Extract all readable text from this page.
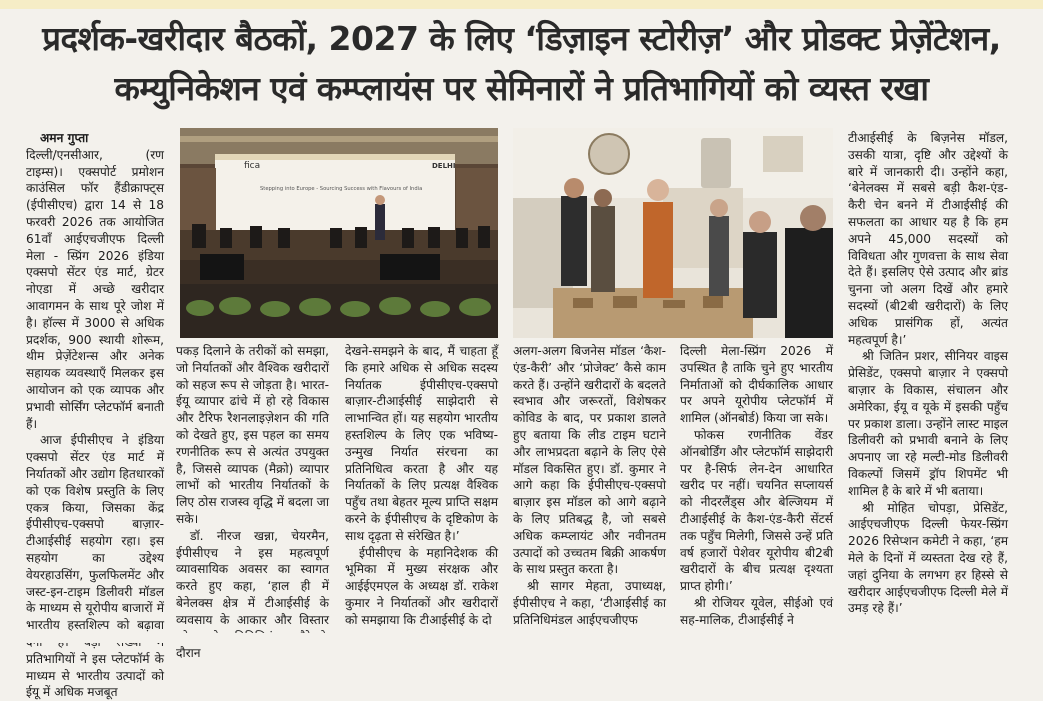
प्रदर्शक-खरीदार बैठकों, 2027 के लिए ‘डिज़ाइन स्टोरीज़’ और प्रोडक्ट प्रेज़ेंटेशन,
कम्युनिकेशन एवं कम्प्लायंस पर सेमिनारों ने प्रतिभागियों को व्यस्त रखा

अमन गुप्ता

दिल्ली/एनसीआर, (रण टाइम्स)। एक्सपोर्ट प्रमोशन काउंसिल फॉर हैंडीक्राफ्ट्स (ईपीसीएच) द्वारा 14 से 18 फरवरी 2026 तक आयोजित 61वाँ आईएचजीएफ दिल्ली मेला - स्प्रिंग 2026 इंडिया एक्सपो सेंटर एंड मार्ट, ग्रेटर नोएडा में अच्छे खरीदार आवागमन के साथ पूरे जोश में है। हॉल्स में 3000 से अधिक प्रदर्शक, 900 स्थायी शोरूम, थीम प्रेज़ेंटेशन्स और अनेक सहायक व्यवस्थाएँ मिलकर इस आयोजन को एक व्यापक और प्रभावी सोर्सिंग प्लेटफॉर्म बनाती हैं।

आज ईपीसीएच ने इंडिया एक्सपो सेंटर एंड मार्ट में निर्यातकों और उद्योग हितधारकों को एक विशेष प्रस्तुति के लिए एकत्र किया, जिसका केंद्र ईपीसीएच-एक्सपो बाज़ार-टीआईसीई सहयोग रहा। इस सहयोग का उद्देश्य वेयरहाउसिंग, फुलफिलमेंट और जस्ट-इन-टाइम डिलीवरी मॉडल के माध्यम से यूरोपीय बाजारों में भारतीय हस्तशिल्प को बढ़ावा प्रतिभागियों ने इस प्लेटफॉर्म के माध्यम से भारतीय उत्पादों को ईयू में अधिक मजबूत

fica	DELHI
Stepping into Europe - Sourcing Success with Flavours of India

पकड़ दिलाने के तरीकों को समझा, जो निर्यातकों और वैश्विक खरीदारों को सहज रूप से जोड़ता है। भारत-ईयू व्यापार ढांचे में हो रहे विकास और टैरिफ रैशनलाइज़ेशन की गति को देखते हुए, इस पहल का समय रणनीतिक रूप से अत्यंत उपयुक्त है, जिससे व्यापक (मैक्रो) व्यापार लाभों को भारतीय निर्यातकों के लिए ठोस राजस्व वृद्धि में बदला जा सके।

डॉ. नीरज खन्ना, चेयरमैन, ईपीसीएच ने इस महत्वपूर्ण व्यावसायिक अवसर का स्वागत करते हुए कहा, ‘हाल ही में बेनेलक्स क्षेत्र में टीआईसीई के व्यवसाय के आकार और विस्तार दौरान

देखने-समझने के बाद, मैं चाहता हूँ कि हमारे अधिक से अधिक सदस्य निर्यातक ईपीसीएच-एक्सपो बाज़ार-टीआईसीई साझेदारी से लाभान्वित हों। यह सहयोग भारतीय हस्तशिल्प के लिए एक भविष्य-उन्मुख निर्यात संरचना का प्रतिनिधित्व करता है और यह निर्यातकों के लिए प्रत्यक्ष वैश्विक पहुँच तथा बेहतर मूल्य प्राप्ति सक्षम करने के ईपीसीएच के दृष्टिकोण के साथ दृढ़ता से संरेखित है।’

ईपीसीएच के महानिदेशक की भूमिका में मुख्य संरक्षक और आईईएमएल के अध्यक्ष डॉ. राकेश कुमार ने निर्यातकों और खरीदारों को समझाया कि टीआईसीई के दो

अलग-अलग बिजनेस मॉडल ‘कैश-एंड-कैरी’ और ‘प्रोजेक्ट’ कैसे काम करते हैं। उन्होंने खरीदारों के बदलते स्वभाव और जरूरतों, विशेषकर कोविड के बाद, पर प्रकाश डालते हुए बताया कि लीड टाइम घटाने और लाभप्रदता बढ़ाने के लिए ऐसे मॉडल विकसित हुए। डॉ. कुमार ने आगे कहा कि ईपीसीएच-एक्सपो बाज़ार इस मॉडल को आगे बढ़ाने के लिए प्रतिबद्ध है, जो सबसे अधिक कम्प्लायंट और नवीनतम उत्पादों को उच्चतम बिक्री आकर्षण के साथ प्रस्तुत करता है।

श्री सागर मेहता, उपाध्यक्ष, ईपीसीएच ने कहा, ‘टीआईसीई का प्रतिनिधिमंडल आईएचजीएफ

दिल्ली मेला-स्प्रिंग 2026 में उपस्थित है ताकि चुने हुए भारतीय निर्माताओं को दीर्घकालिक आधार पर अपने यूरोपीय प्लेटफॉर्म में शामिल (ऑनबोर्ड) किया जा सके।

फोकस रणनीतिक वेंडर ऑनबोर्डिंग और प्लेटफॉर्म साझेदारी पर है-सिर्फ लेन-देन आधारित खरीद पर नहीं। चयनित सप्लायर्स को नीदरलैंड्स और बेल्जियम में टीआईसीई के कैश-एंड-कैरी सेंटर्स तक पहुँच मिलेगी, जिससे उन्हें प्रति वर्ष हजारों पेशेवर यूरोपीय बी2बी खरीदारों के बीच प्रत्यक्ष दृश्यता प्राप्त होगी।’

श्री रोजियर यूवेल, सीईओ एवं सह-मालिक, टीआईसीई ने

टीआईसीई के बिज़नेस मॉडल, उसकी यात्रा, दृष्टि और उद्देश्यों के बारे में जानकारी दी। उन्होंने कहा, ‘बेनेलक्स में सबसे बड़ी कैश-एंड-कैरी चेन बनने में टीआईसीई की सफलता का आधार यह है कि हम अपने 45,000 सदस्यों को विविधता और गुणवत्ता के साथ सेवा देते हैं। इसलिए ऐसे उत्पाद और ब्रांड चुनना जो अलग दिखें और हमारे सदस्यों (बी2बी खरीदारों) के लिए अधिक प्रासंगिक हों, अत्यंत महत्वपूर्ण है।’

श्री जितिन प्रशर, सीनियर वाइस प्रेसिडेंट, एक्सपो बाज़ार ने एक्सपो बाज़ार के विकास, संचालन और अमेरिका, ईयू व यूके में इसकी पहुँच पर प्रकाश डाला। उन्होंने लास्ट माइल डिलीवरी को प्रभावी बनाने के लिए अपनाए जा रहे मल्टी-मोड डिलीवरी विकल्पों जिसमें ड्रॉप शिपमेंट भी शामिल है के बारे में भी बताया।

श्री मोहित चोपड़ा, प्रेसिडेंट, आईएचजीएफ दिल्ली फेयर-स्प्रिंग 2026 रिसेप्शन कमेटी ने कहा, ‘हम मेले के दिनों में व्यस्तता देख रहे हैं, जहां दुनिया के लगभग हर हिस्से से खरीदार आईएचजीएफ दिल्ली मेले में उमड़ रहे हैं।’
